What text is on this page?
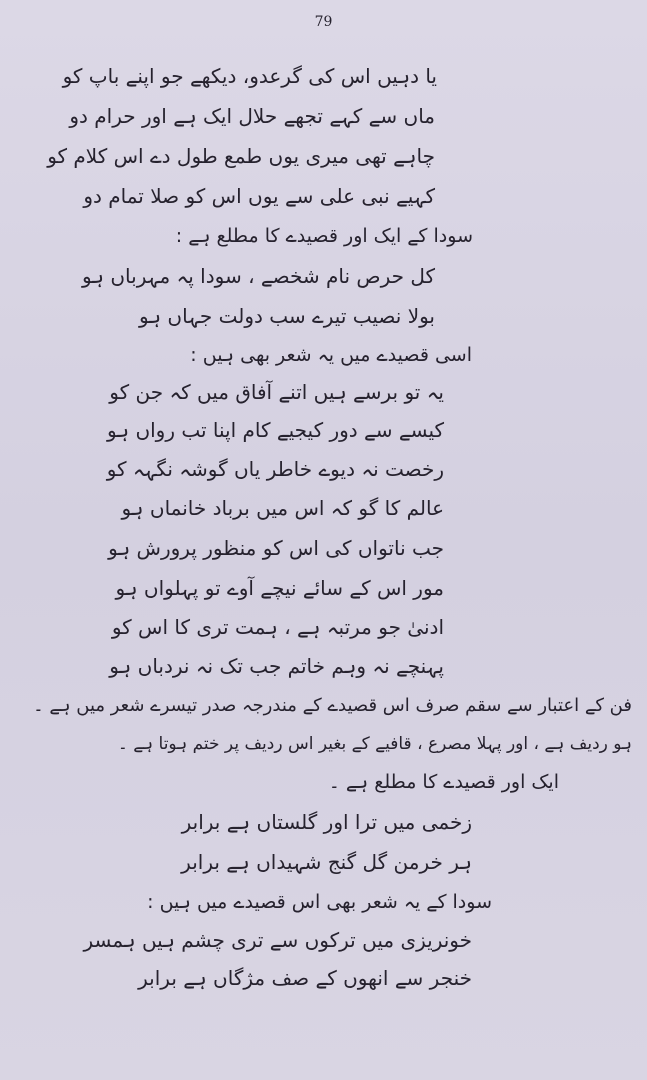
79
یا دہیں اس کی گرعدو، دیکھے جو اپنے باپ کو
ماں سے کہے تجھے حلال ایک ہے اور حرام دو
چاہے تھی میری یوں طمع طول دے اس کلام کو
کہیے نبی علی سے یوں اس کو صلا تمام دو
سودا کے ایک اور قصیدے کا مطلع ہے :
کل حرص نام شخصے ، سودا پہ مہرباں ہو
بولا نصیب تیرے سب دولت جہاں ہو
اسی قصیدے میں یہ شعر بھی ہیں :
یہ تو برسے ہیں اتنے آفاق میں کہ جن کو
کیسے سے دور کیجیے کام اپنا تب رواں ہو
رخصت نہ دیوے خاطر یاں گوشہ نگہہ کو
عالم کا گو کہ اس میں برباد خانماں ہو
جب ناتواں کی اس کو منظور پرورش ہو
مور اس کے سائے نیچے آوے تو پہلواں ہو
ادنیٰ جو مرتبہ ہے ، ہمت تری کا اس کو
پہنچے نہ وہم خاتم جب تک نہ نردباں ہو
فن کے اعتبار سے سقم صرف اس قصیدے کے مندرجہ صدر تیسرے شعر میں ہے ۔
ہو ردیف ہے ، اور پہلا مصرع ، قافیے کے بغیر اس ردیف پر ختم ہوتا ہے ۔
ایک اور قصیدے کا مطلع ہے ۔
زخمی میں ترا اور گلستاں ہے برابر
ہر خرمن گل گنج شہیداں ہے برابر
سودا کے یہ شعر بھی اس قصیدے میں ہیں :
خونریزی میں ترکوں سے تری چشم ہیں ہمسر
خنجر سے انھوں کے صف مژگاں ہے برابر
